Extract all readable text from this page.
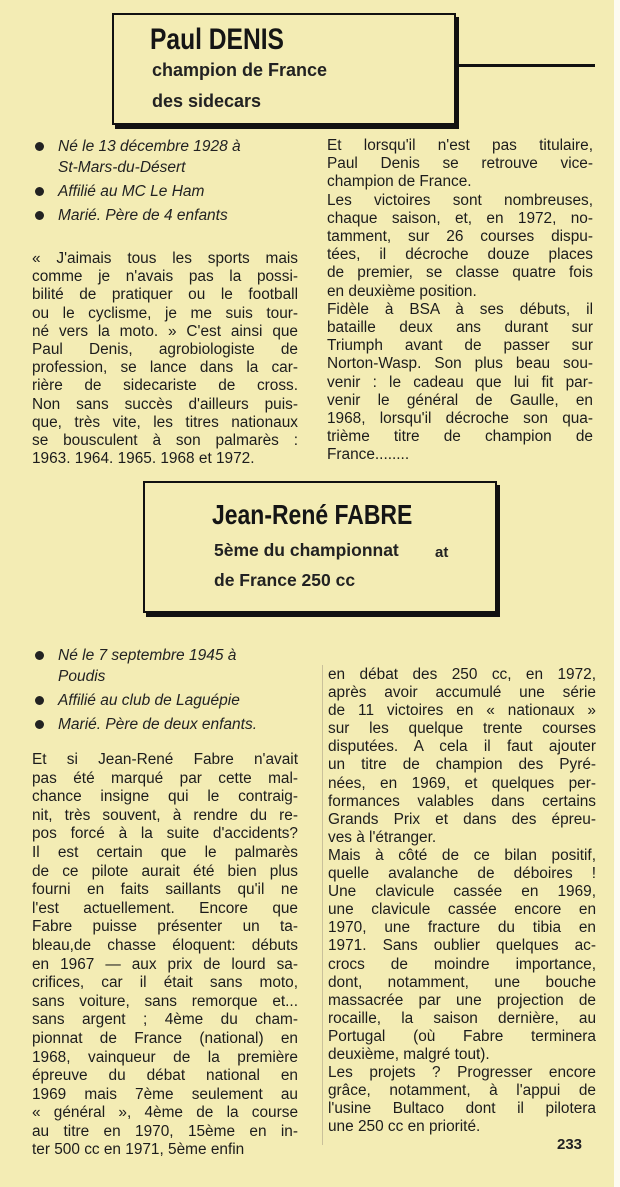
Paul DENIS
champion de France
des sidecars
Né le 13 décembre 1928 à
St-Mars-du-Désert
Affilié au MC Le Ham
Marié. Père de 4 enfants
« J'aimais tous les sports mais
comme je n'avais pas la possi-
bilité de pratiquer ou le football
ou le cyclisme, je me suis tour-
né vers la moto. » C'est ainsi que
Paul Denis, agrobiologiste de
profession, se lance dans la car-
rière de sidecariste de cross.
Non sans succès d'ailleurs puis-
que, très vite, les titres nationaux
se bousculent à son palmarès :
1963. 1964. 1965. 1968 et 1972.
Et lorsqu'il n'est pas titulaire,
Paul Denis se retrouve vice-
champion de France.
Les victoires sont nombreuses,
chaque saison, et, en 1972, no-
tamment, sur 26 courses dispu-
tées, il décroche douze places
de premier, se classe quatre fois
en deuxième position.
Fidèle à BSA à ses débuts, il
bataille deux ans durant sur
Triumph avant de passer sur
Norton-Wasp. Son plus beau sou-
venir : le cadeau que lui fit par-
venir le général de Gaulle, en
1968, lorsqu'il décroche son qua-
trième titre de champion de
France........
Jean-René FABRE
5ème du championnat at
de France 250 cc
Né le 7 septembre 1945 à
Poudis
Affilié au club de Laguépie
Marié. Père de deux enfants.
Et si Jean-René Fabre n'avait
pas été marqué par cette mal-
chance insigne qui le contraig-
nit, très souvent, à rendre du re-
pos forcé à la suite d'accidents?
Il est certain que le palmarès
de ce pilote aurait été bien plus
fourni en faits saillants qu'il ne
l'est actuellement. Encore que
Fabre puisse présenter un ta-
bleau,de chasse éloquent: débuts
en 1967 — aux prix de lourd sa-
crifices, car il était sans moto,
sans voiture, sans remorque et...
sans argent ; 4ème du cham-
pionnat de France (national) en
1968, vainqueur de la première
épreuve du débat national en
1969 mais 7ème seulement au
« général », 4ème de la course
au titre en 1970, 15ème en in-
ter 500 cc en 1971, 5ème enfin
en débat des 250 cc, en 1972,
après avoir accumulé une série
de 11 victoires en « nationaux »
sur les quelque trente courses
disputées. A cela il faut ajouter
un titre de champion des Pyré-
nées, en 1969, et quelques per-
formances valables dans certains
Grands Prix et dans des épreu-
ves à l'étranger.
Mais à côté de ce bilan positif,
quelle avalanche de déboires !
Une clavicule cassée en 1969,
une clavicule cassée encore en
1970, une fracture du tibia en
1971. Sans oublier quelques ac-
crocs de moindre importance,
dont, notamment, une bouche
massacrée par une projection de
rocaille, la saison dernière, au
Portugal (où Fabre terminera
deuxième, malgré tout).
Les projets ? Progresser encore
grâce, notamment, à l'appui de
l'usine Bultaco dont il pilotera
une 250 cc en priorité.
233
